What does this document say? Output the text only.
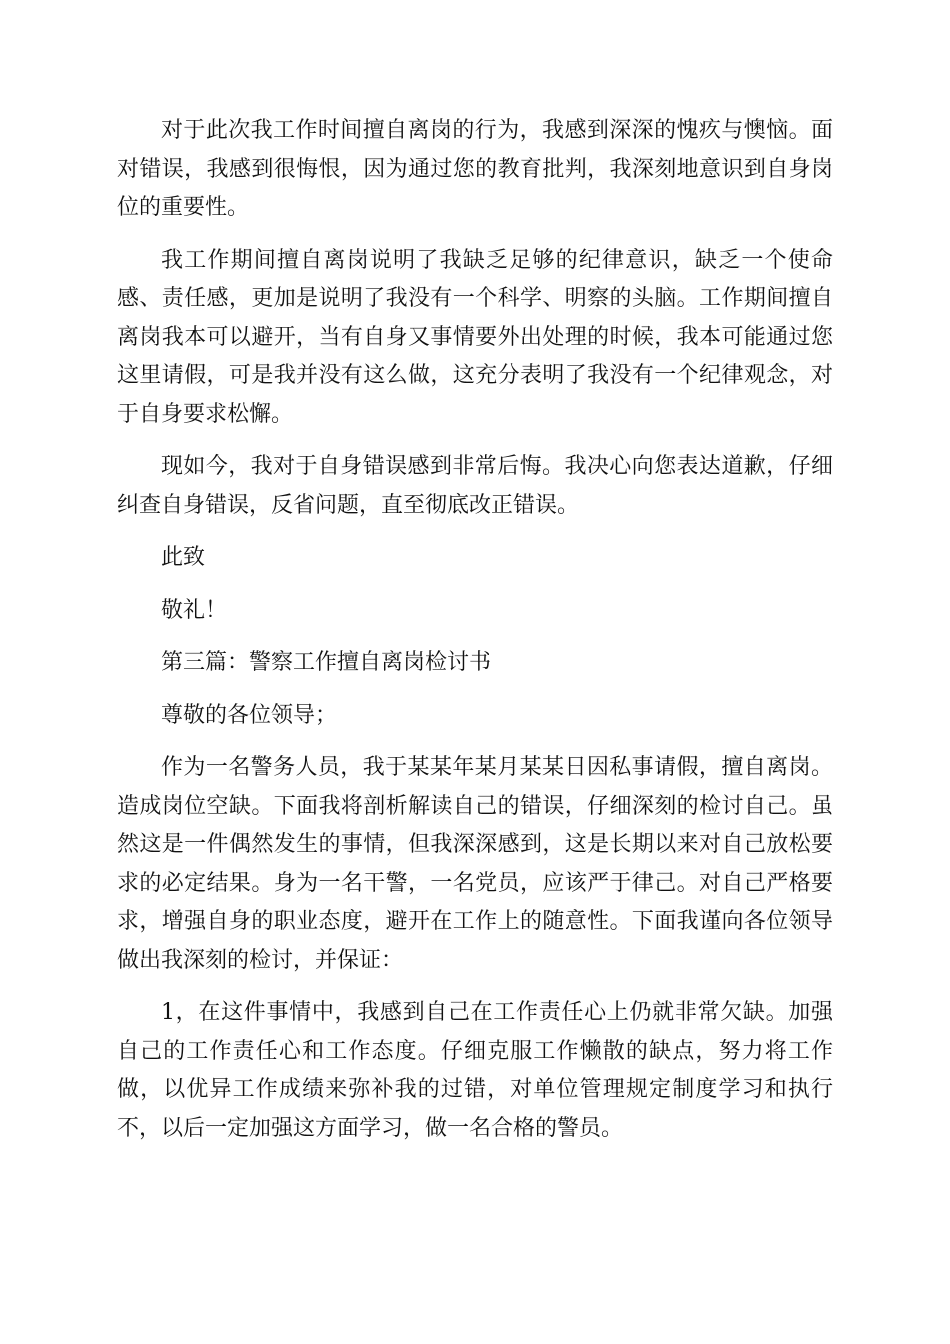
对于此次我工作时间擅自离岗的行为，我感到深深的愧疚与懊恼。面对错误，我感到很悔恨，因为通过您的教育批判，我深刻地意识到自身岗位的重要性。

我工作期间擅自离岗说明了我缺乏足够的纪律意识，缺乏一个使命感、责任感，更加是说明了我没有一个科学、明察的头脑。工作期间擅自离岗我本可以避开，当有自身又事情要外出处理的时候，我本可能通过您这里请假，可是我并没有这么做，这充分表明了我没有一个纪律观念，对于自身要求松懈。

现如今，我对于自身错误感到非常后悔。我决心向您表达道歉，仔细纠查自身错误，反省问题，直至彻底改正错误。

此致

敬礼！

第三篇：警察工作擅自离岗检讨书

尊敬的各位领导；

作为一名警务人员，我于某某年某月某某日因私事请假，擅自离岗。造成岗位空缺。下面我将剖析解读自己的错误，仔细深刻的检讨自己。虽然这是一件偶然发生的事情，但我深深感到，这是长期以来对自己放松要求的必定结果。身为一名干警，一名党员，应该严于律己。对自己严格要求，增强自身的职业态度，避开在工作上的随意性。下面我谨向各位领导做出我深刻的检讨，并保证：

1，在这件事情中，我感到自己在工作责任心上仍就非常欠缺。加强自己的工作责任心和工作态度。仔细克服工作懒散的缺点，努力将工作做，以优异工作成绩来弥补我的过错，对单位管理规定制度学习和执行不，以后一定加强这方面学习，做一名合格的警员。
